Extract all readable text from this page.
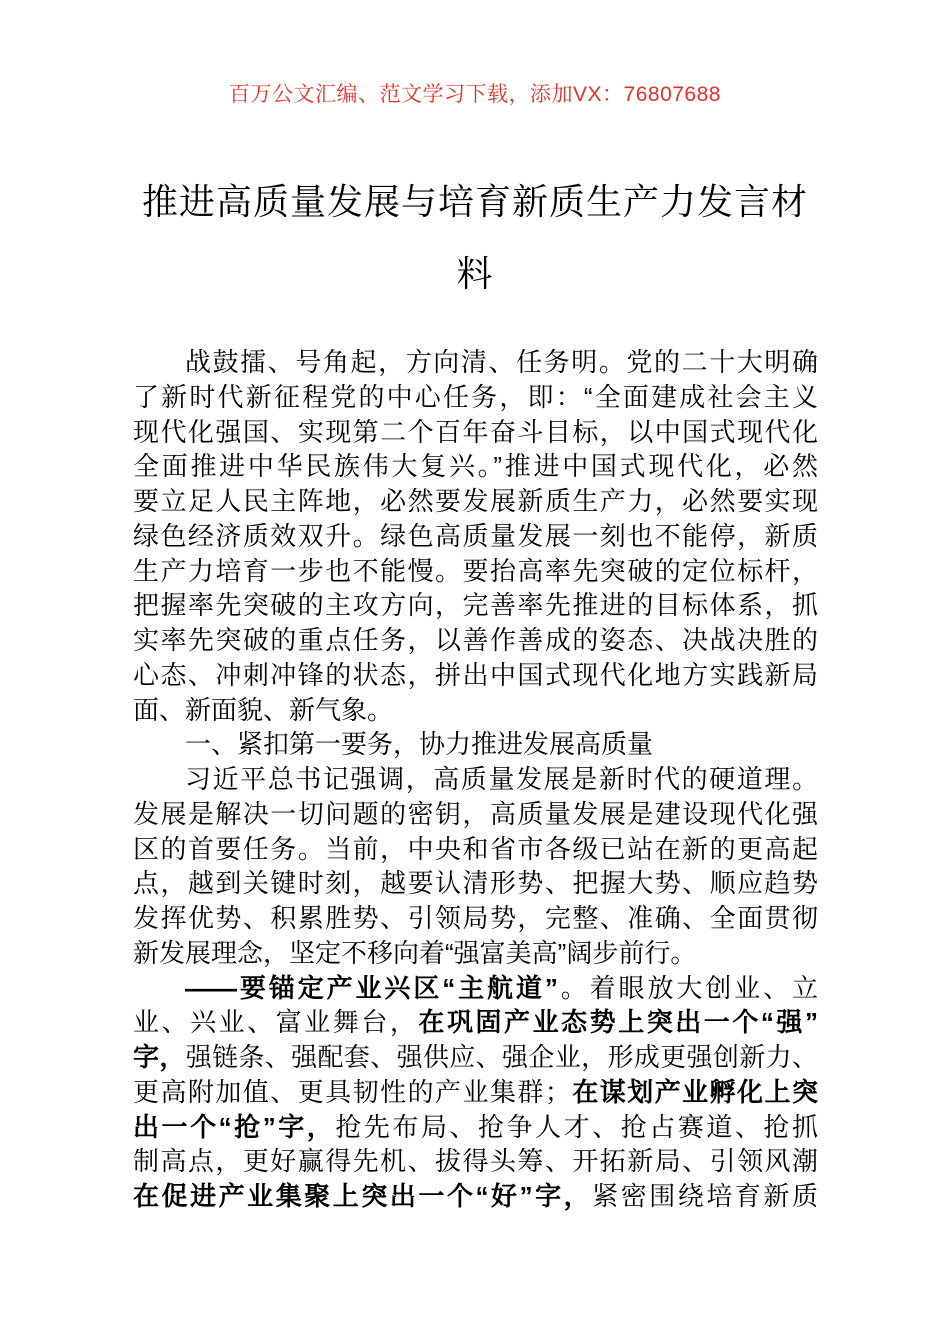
百万公文汇编、范文学习下载，添加VX：76807688
推进高质量发展与培育新质生产力发言材
料
战鼓擂、号角起，方向清、任务明。党的二十大明确
了新时代新征程党的中心任务，即：“全面建成社会主义
现代化强国、实现第二个百年奋斗目标，以中国式现代化
全面推进中华民族伟大复兴。”推进中国式现代化，必然
要立足人民主阵地，必然要发展新质生产力，必然要实现
绿色经济质效双升。绿色高质量发展一刻也不能停，新质
生产力培育一步也不能慢。要抬高率先突破的定位标杆，
把握率先突破的主攻方向，完善率先推进的目标体系，抓
实率先突破的重点任务，以善作善成的姿态、决战决胜的
心态、冲刺冲锋的状态，拼出中国式现代化地方实践新局
面、新面貌、新气象。
一、紧扣第一要务，协力推进发展高质量
习近平总书记强调，高质量发展是新时代的硬道理。
发展是解决一切问题的密钥，高质量发展是建设现代化强
区的首要任务。当前，中央和省市各级已站在新的更高起
点，越到关键时刻，越要认清形势、把握大势、顺应趋势
发挥优势、积累胜势、引领局势，完整、准确、全面贯彻
新发展理念，坚定不移向着“强富美高”阔步前行。
——要锚定产业兴区“主航道”。着眼放大创业、立
业、兴业、富业舞台，在巩固产业态势上突出一个“强”
字，强链条、强配套、强供应、强企业，形成更强创新力、
更高附加值、更具韧性的产业集群；在谋划产业孵化上突
出一个“抢”字，抢先布局、抢争人才、抢占赛道、抢抓
制高点，更好赢得先机、拔得头筹、开拓新局、引领风潮
在促进产业集聚上突出一个“好”字，紧密围绕培育新质
